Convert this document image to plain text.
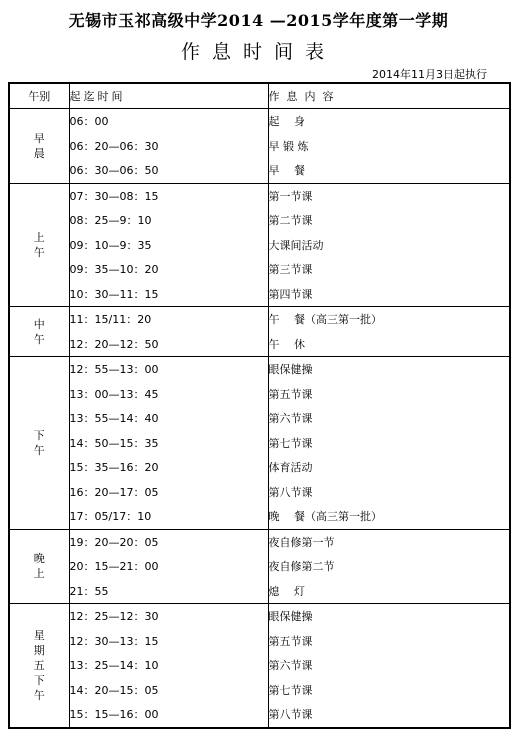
无锡市玉祁高级中学2014 —2015学年度第一学期
作息时间表
2014年11月3日起执行
午别	起迄时间	作息内容

早
晨	06：00	起　 身
	06：20—06：30	早 锻 炼
	06：30—06：50	早　 餐

上
午	07：30—08：15	第一节课
	08：25—9：10	第二节课
	09：10—9：35	大课间活动
	09：35—10：20	第三节课
	10：30—11：15	第四节课

中
午	11：15/11：20	午　 餐（高三第一批）
	12：20—12：50	午　 休

下
午	12：55—13：00	眼保健操
	13：00—13：45	第五节课
	13：55—14：40	第六节课
	14：50—15：35	第七节课
	15：35—16：20	体育活动
	16：20—17：05	第八节课
	17：05/17：10	晚　 餐（高三第一批）

晚
上	19：20—20：05	夜自修第一节
	20：15—21：00	夜自修第二节
	21：55	熄　 灯

星
期
五
下
午	12：25—12：30	眼保健操
	12：30—13：15	第五节课
	13：25—14：10	第六节课
	14：20—15：05	第七节课
	15：15—16：00	第八节课
